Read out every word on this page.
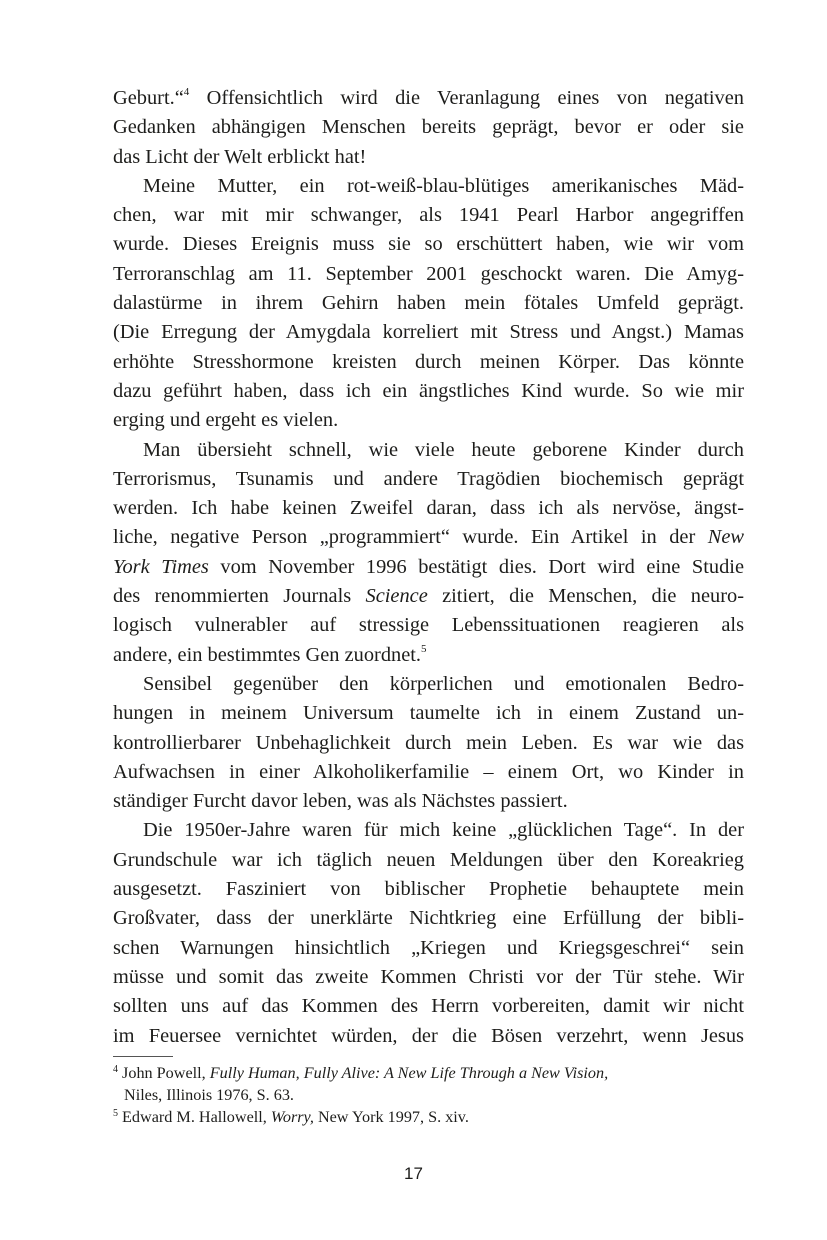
Geburt.“$^4$ Offensichtlich wird die Veranlagung eines von negativen
Gedanken abhängigen Menschen bereits geprägt, bevor er oder sie
das Licht der Welt erblickt hat!
Meine Mutter, ein rot-weiß-blau-blütiges amerikanisches Mäd-
chen, war mit mir schwanger, als 1941 Pearl Harbor angegriffen
wurde. Dieses Ereignis muss sie so erschüttert haben, wie wir vom
Terroranschlag am 11. September 2001 geschockt waren. Die Amyg-
dalastürme in ihrem Gehirn haben mein fötales Umfeld geprägt.
(Die Erregung der Amygdala korreliert mit Stress und Angst.) Mamas
erhöhte Stresshormone kreisten durch meinen Körper. Das könnte
dazu geführt haben, dass ich ein ängstliches Kind wurde. So wie mir
erging und ergeht es vielen.
Man übersieht schnell, wie viele heute geborene Kinder durch
Terrorismus, Tsunamis und andere Tragödien biochemisch geprägt
werden. Ich habe keinen Zweifel daran, dass ich als nervöse, ängst-
liche, negative Person „programmiert“ wurde. Ein Artikel in der New
York Times vom November 1996 bestätigt dies. Dort wird eine Studie
des renommierten Journals Science zitiert, die Menschen, die neuro-
logisch vulnerabler auf stressige Lebenssituationen reagieren als
andere, ein bestimmtes Gen zuordnet.$^5$
Sensibel gegenüber den körperlichen und emotionalen Bedro-
hungen in meinem Universum taumelte ich in einem Zustand un-
kontrollierbarer Unbehaglichkeit durch mein Leben. Es war wie das
Aufwachsen in einer Alkoholikerfamilie – einem Ort, wo Kinder in
ständiger Furcht davor leben, was als Nächstes passiert.
Die 1950er-Jahre waren für mich keine „glücklichen Tage“. In der
Grundschule war ich täglich neuen Meldungen über den Koreakrieg
ausgesetzt. Fasziniert von biblischer Prophetie behauptete mein
Großvater, dass der unerklärte Nichtkrieg eine Erfüllung der bibli-
schen Warnungen hinsichtlich „Kriegen und Kriegsgeschrei“ sein
müsse und somit das zweite Kommen Christi vor der Tür stehe. Wir
sollten uns auf das Kommen des Herrn vorbereiten, damit wir nicht
im Feuersee vernichtet würden, der die Bösen verzehrt, wenn Jesus
$^4$ John Powell, Fully Human, Fully Alive: A New Life Through a New Vision,
Niles, Illinois 1976, S. 63.
$^5$ Edward M. Hallowell, Worry, New York 1997, S. xiv.
17
